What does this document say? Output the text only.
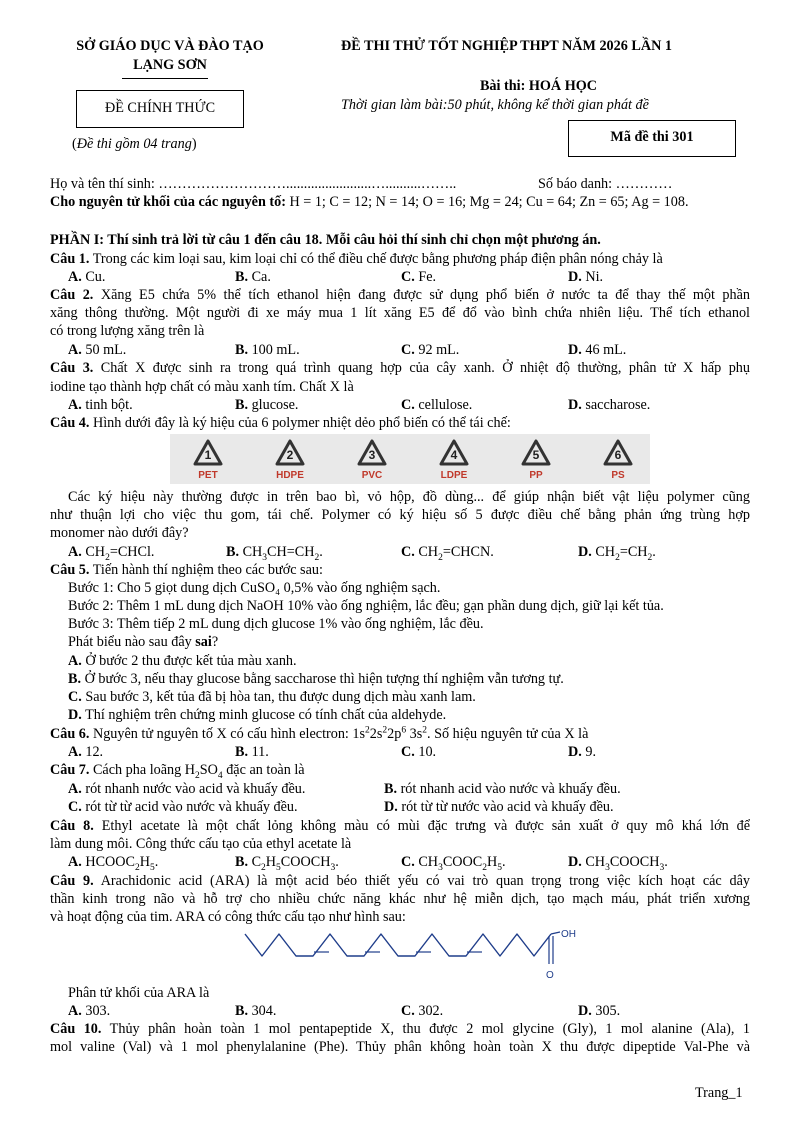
SỞ GIÁO DỤC VÀ ĐÀO TẠO
LẠNG SƠN
ĐỀ THI THỬ TỐT NGHIỆP THPT NĂM 2026 LẦN 1
ĐỀ CHÍNH THỨC
Bài thi: HOÁ HỌC
Thời gian làm bài:50 phút, không kể thời gian phát đề
(Đề thi gồm 04 trang)	Mã đề thi 301
Họ và tên thí sinh: ………………………........................…..........……..	Số báo danh: …………
Cho nguyên tử khối của các nguyên tố: H = 1; C = 12; N = 14; O = 16; Mg = 24; Cu = 64; Zn = 65; Ag = 108.
PHẦN I: Thí sinh trả lời từ câu 1 đến câu 18. Mỗi câu hỏi thí sinh chỉ chọn một phương án.
Câu 1. Trong các kim loại sau, kim loại chỉ có thể điều chế được bằng phương pháp điện phân nóng chảy là
A. Cu.	B. Ca.	C. Fe.	D. Ni.
Câu 2. Xăng E5 chứa 5% thể tích ethanol hiện đang được sử dụng phổ biến ở nước ta để thay thế một phần
xăng thông thường. Một người đi xe máy mua 1 lít xăng E5 để đổ vào bình chứa nhiên liệu. Thể tích ethanol
có trong lượng xăng trên là
A. 50 mL.	B. 100 mL.	C. 92 mL.	D. 46 mL.
Câu 3. Chất X được sinh ra trong quá trình quang hợp của cây xanh. Ở nhiệt độ thường, phân tử X hấp phụ
iodine tạo thành hợp chất có màu xanh tím. Chất X là
A. tinh bột.	B. glucose.	C. cellulose.	D. saccharose.
Câu 4. Hình dưới đây là ký hiệu của 6 polymer nhiệt dẻo phổ biến có thể tái chế:
1
PET
2
HDPE
3
PVC
4
LDPE
5
PP
6
PS
Các ký hiệu này thường được in trên bao bì, vỏ hộp, đồ dùng... để giúp nhận biết vật liệu polymer cũng
như thuận lợi cho việc thu gom, tái chế. Polymer có ký hiệu số 5 được điều chế bằng phản ứng trùng hợp
monomer nào dưới đây?
A. $CH_2=CHCl$.	B. $CH_3CH=CH_2$.	C. $CH_2=CHCN$.	D. $CH_2=CH_2$.
Câu 5. Tiến hành thí nghiệm theo các bước sau:
Bước 1: Cho 5 giọt dung dịch CuSO₄ 0,5% vào ống nghiệm sạch.
Bước 2: Thêm 1 mL dung dịch NaOH 10% vào ống nghiệm, lắc đều; gạn phần dung dịch, giữ lại kết tủa.
Bước 3: Thêm tiếp 2 mL dung dịch glucose 1% vào ống nghiệm, lắc đều.
Phát biểu nào sau đây sai?
A. Ở bước 2 thu được kết tủa màu xanh.
B. Ở bước 3, nếu thay glucose bằng saccharose thì hiện tượng thí nghiệm vẫn tương tự.
C. Sau bước 3, kết tủa đã bị hòa tan, thu được dung dịch màu xanh lam.
D. Thí nghiệm trên chứng minh glucose có tính chất của aldehyde.
Câu 6. Nguyên tử nguyên tố X có cấu hình electron: $1s^22s^22p^6$ $3s^2$. Số hiệu nguyên tử của X là
A. 12.	B. 11.	C. 10.	D. 9.
Câu 7. Cách pha loãng $H_2SO_4$ đặc an toàn là
A. rót nhanh nước vào acid và khuấy đều.	B. rót nhanh acid vào nước và khuấy đều.
C. rót từ từ acid vào nước và khuấy đều.	D. rót từ từ nước vào acid và khuấy đều.
Câu 8. Ethyl acetate là một chất lỏng không màu có mùi đặc trưng và được sản xuất ở quy mô khá lớn để
làm dung môi. Công thức cấu tạo của ethyl acetate là
A. $HCOOC_2H_5$.	B. $C_2H_5COOCH_3$.	C. $CH_3COOC_2H_5$.	D. $CH_3COOCH_3$.
Câu 9. Arachidonic acid (ARA) là một acid béo thiết yếu có vai trò quan trọng trong việc kích hoạt các dây
thần kinh trong não và hỗ trợ cho nhiều chức năng khác như hệ miễn dịch, tạo mạch máu, phát triển xương
và hoạt động của tim. ARA có công thức cấu tạo như hình sau:
OH
O
Phân tử khối của ARA là
A. 303.	B. 304.	C. 302.	D. 305.
Câu 10. Thủy phân hoàn toàn 1 mol pentapeptide X, thu được 2 mol glycine (Gly), 1 mol alanine (Ala), 1
mol valine (Val) và 1 mol phenylalanine (Phe). Thủy phân không hoàn toàn X thu được dipeptide Val-Phe và
Trang_1
